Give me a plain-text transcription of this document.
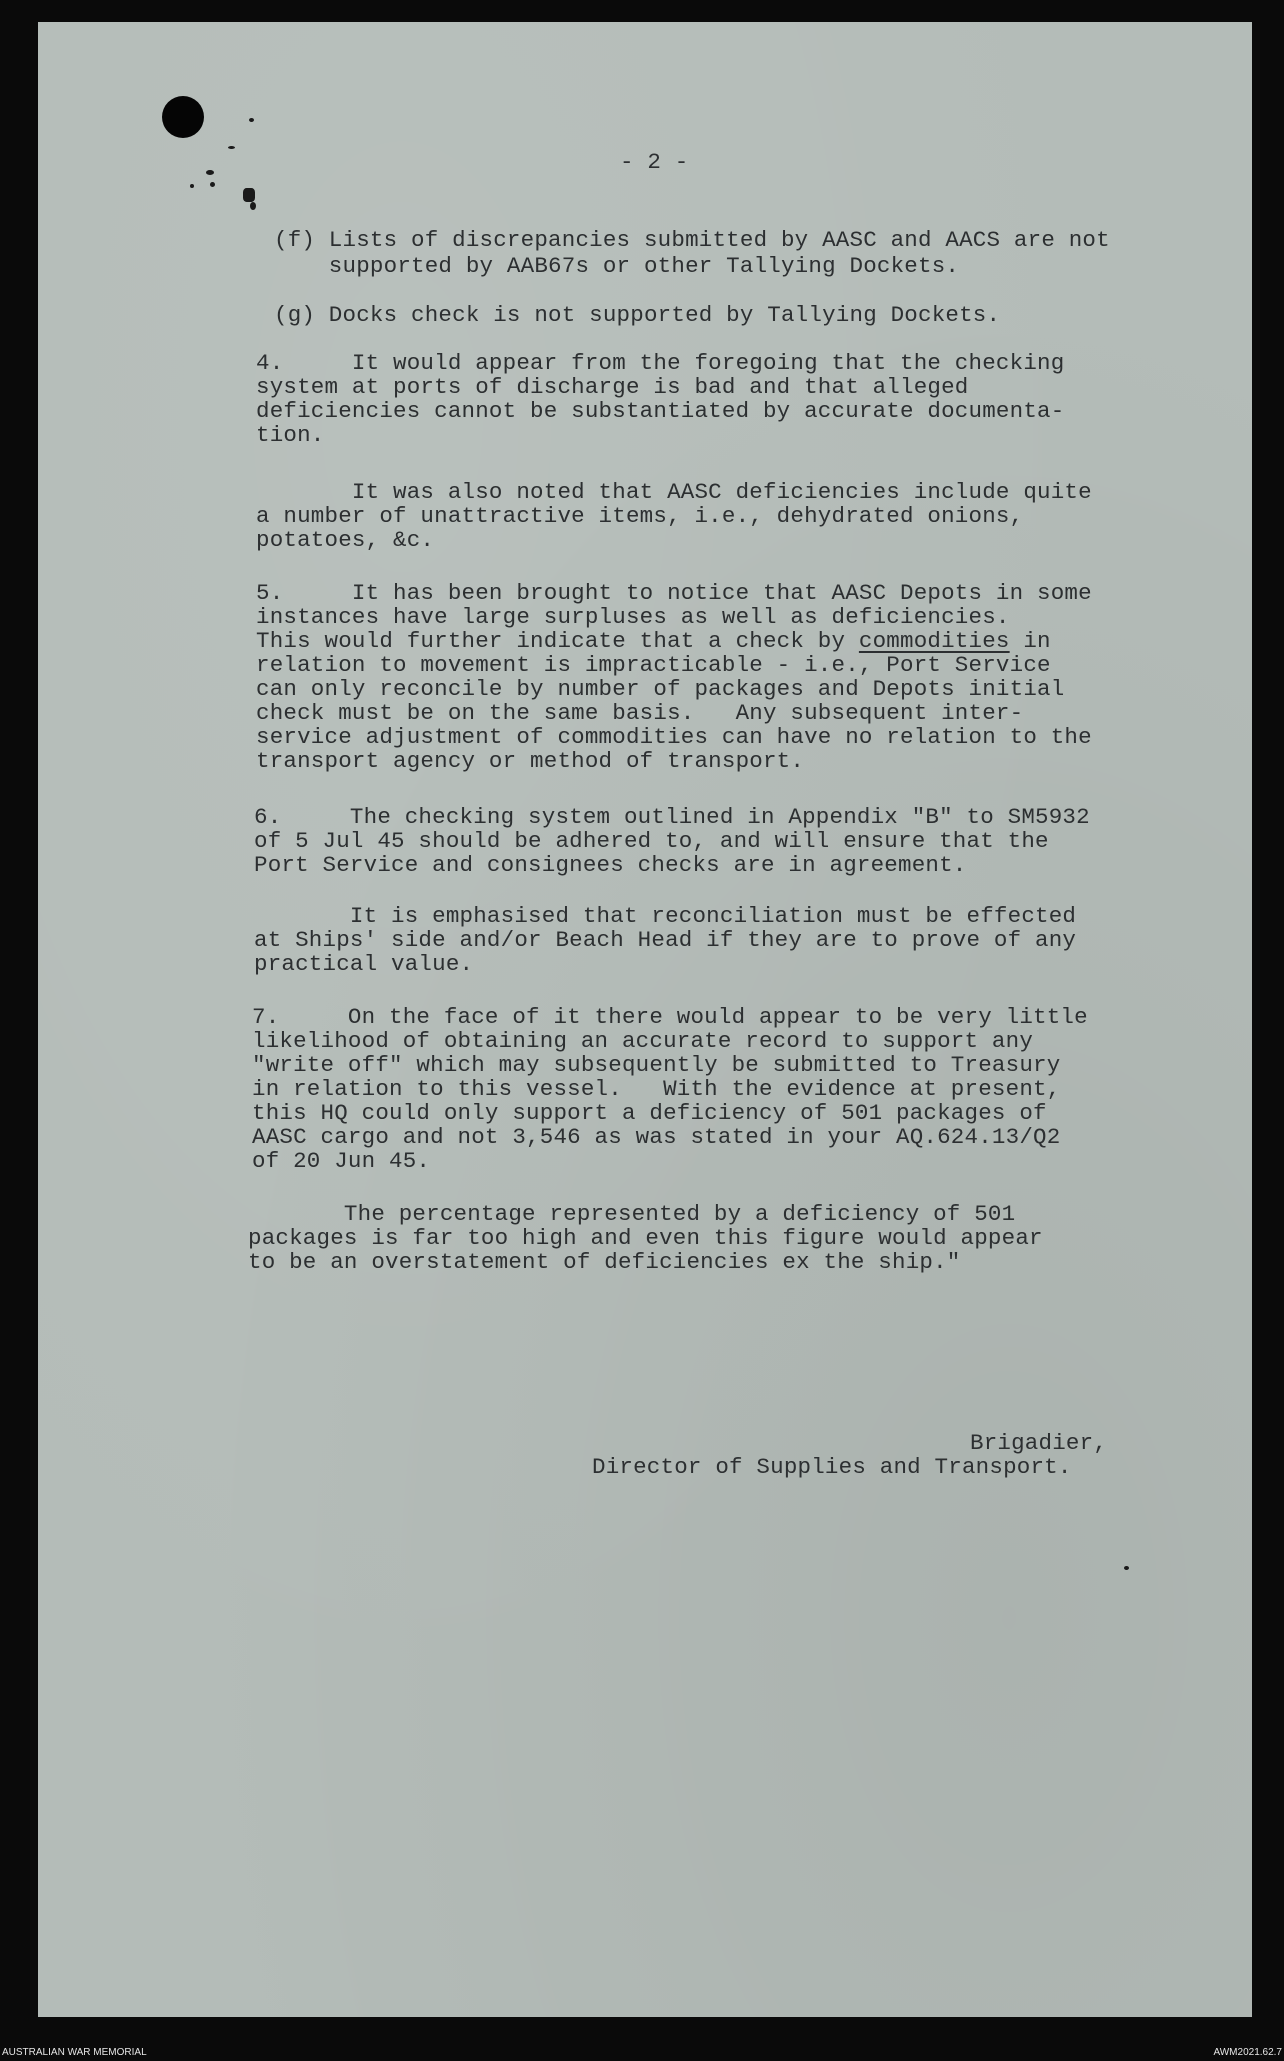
- 2 -
(f) Lists of discrepancies submitted by AASC and AACS are not
supported by AAB67s or other Tallying Dockets.
(g) Docks check is not supported by Tallying Dockets.
4.     It would appear from the foregoing that the checking
system at ports of discharge is bad and that alleged
deficiencies cannot be substantiated by accurate documenta-
tion.
It was also noted that AASC deficiencies include quite
a number of unattractive items, i.e., dehydrated onions,
potatoes, &c.
5.     It has been brought to notice that AASC Depots in some
instances have large surpluses as well as deficiencies.
This would further indicate that a check by commodities in
relation to movement is impracticable - i.e., Port Service
can only reconcile by number of packages and Depots initial
check must be on the same basis.   Any subsequent inter-
service adjustment of commodities can have no relation to the
transport agency or method of transport.
6.     The checking system outlined in Appendix "B" to SM5932
of 5 Jul 45 should be adhered to, and will ensure that the
Port Service and consignees checks are in agreement.
It is emphasised that reconciliation must be effected
at Ships' side and/or Beach Head if they are to prove of any
practical value.
7.     On the face of it there would appear to be very little
likelihood of obtaining an accurate record to support any
"write off" which may subsequently be submitted to Treasury
in relation to this vessel.   With the evidence at present,
this HQ could only support a deficiency of 501 packages of
AASC cargo and not 3,546 as was stated in your AQ.624.13/Q2
of 20 Jun 45.
The percentage represented by a deficiency of 501
packages is far too high and even this figure would appear
to be an overstatement of deficiencies ex the ship."
Brigadier,
Director of Supplies and Transport.
AUSTRALIAN WAR MEMORIAL	AWM2021.62.7
